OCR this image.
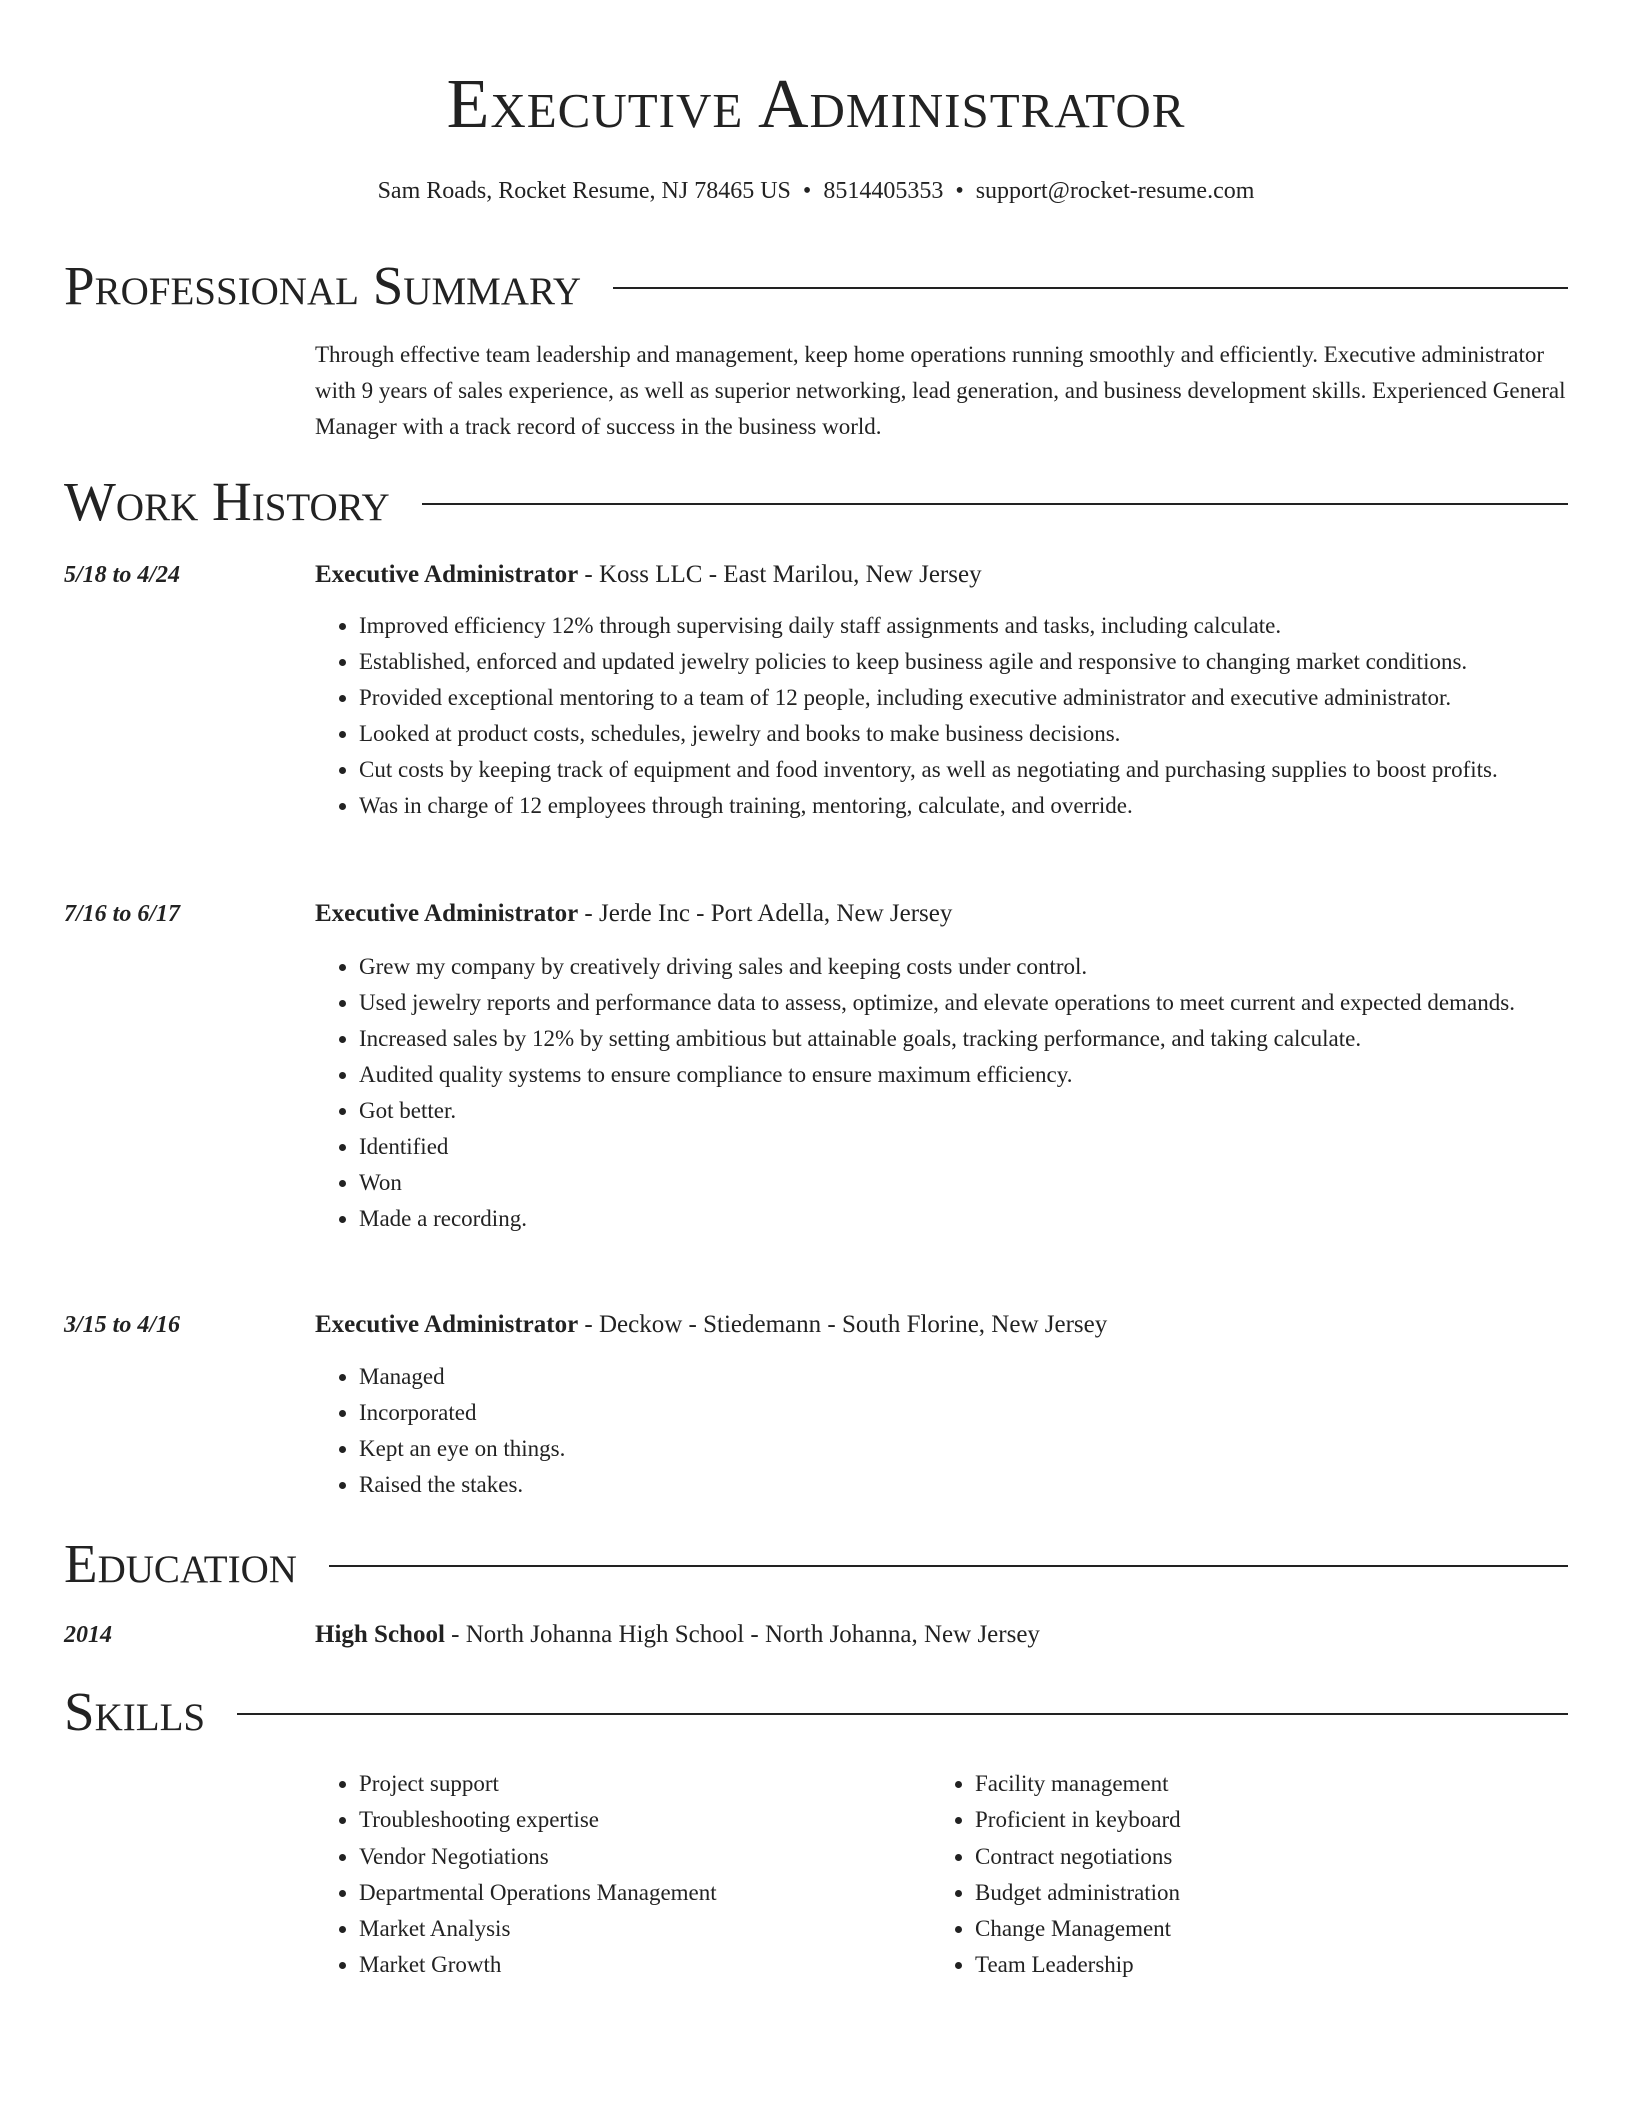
Executive Administrator

Sam Roads, Rocket Resume, NJ 78465 US • 8514405353 • support@rocket-resume.com

Professional Summary

Through effective team leadership and management, keep home operations running smoothly and efficiently. Executive administrator with 9 years of sales experience, as well as superior networking, lead generation, and business development skills. Experienced General Manager with a track record of success in the business world.

Work History
5/18 to 4/24	Executive Administrator - Koss LLC - East Marilou, New Jersey
• Improved efficiency 12% through supervising daily staff assignments and tasks, including calculate.
• Established, enforced and updated jewelry policies to keep business agile and responsive to changing market conditions.
• Provided exceptional mentoring to a team of 12 people, including executive administrator and executive administrator.
• Looked at product costs, schedules, jewelry and books to make business decisions.
• Cut costs by keeping track of equipment and food inventory, as well as negotiating and purchasing supplies to boost profits.
• Was in charge of 12 employees through training, mentoring, calculate, and override.
7/16 to 6/17	Executive Administrator - Jerde Inc - Port Adella, New Jersey
• Grew my company by creatively driving sales and keeping costs under control.
• Used jewelry reports and performance data to assess, optimize, and elevate operations to meet current and expected demands.
• Increased sales by 12% by setting ambitious but attainable goals, tracking performance, and taking calculate.
• Audited quality systems to ensure compliance to ensure maximum efficiency.
• Got better.
• Identified
• Won
• Made a recording.
3/15 to 4/16	Executive Administrator - Deckow - Stiedemann - South Florine, New Jersey
• Managed
• Incorporated
• Kept an eye on things.
• Raised the stakes.
Education
2014	High School - North Johanna High School - North Johanna, New Jersey
Skills
• Project support
• Troubleshooting expertise
• Vendor Negotiations
• Departmental Operations Management
• Market Analysis
• Market Growth
• Facility management
• Proficient in keyboard
• Contract negotiations
• Budget administration
• Change Management
• Team Leadership
